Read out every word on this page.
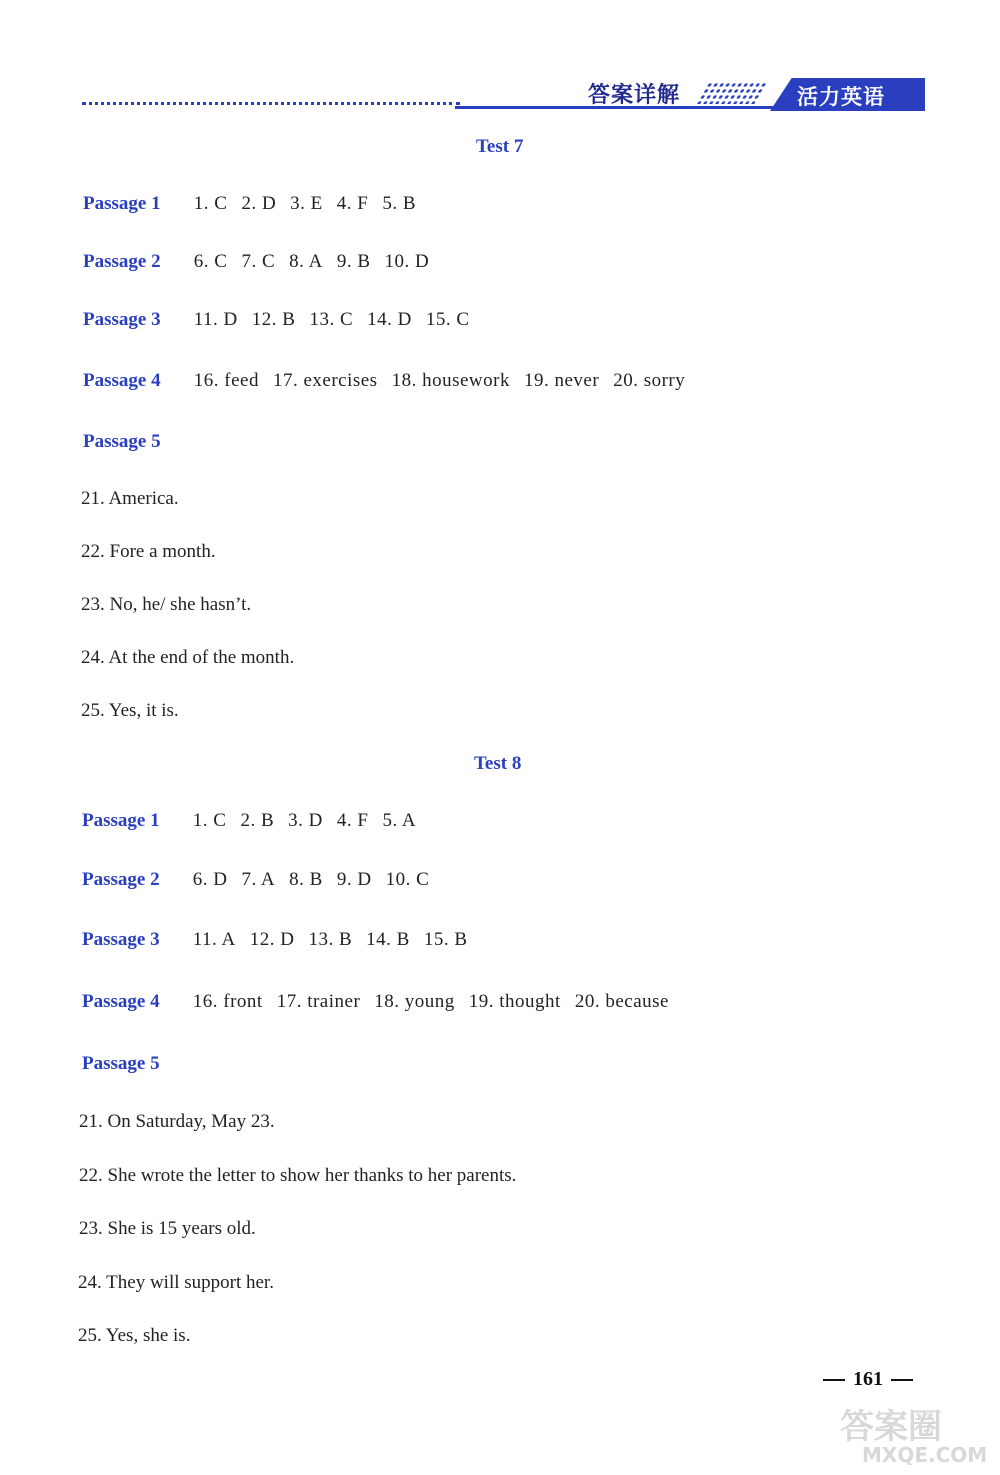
答案详解	活力英语
Test 7
Passage 1 1. C 2. D 3. E 4. F 5. B
Passage 2 6. C 7. C 8. A 9. B 10. D
Passage 3 11. D 12. B 13. C 14. D 15. C
Passage 4 16. feed 17. exercises 18. housework 19. never 20. sorry
Passage 5
21. America.
22. Fore a month.
23. No, he/ she hasn’t.
24. At the end of the month.
25. Yes, it is.
Test 8
Passage 1 1. C 2. B 3. D 4. F 5. A
Passage 2 6. D 7. A 8. B 9. D 10. C
Passage 3 11. A 12. D 13. B 14. B 15. B
Passage 4 16. front 17. trainer 18. young 19. thought 20. because
Passage 5
21. On Saturday, May 23.
22. She wrote the letter to show her thanks to her parents.
23. She is 15 years old.
24. They will support her.
25. Yes, she is.
161
答案圈
MXQE.COM
